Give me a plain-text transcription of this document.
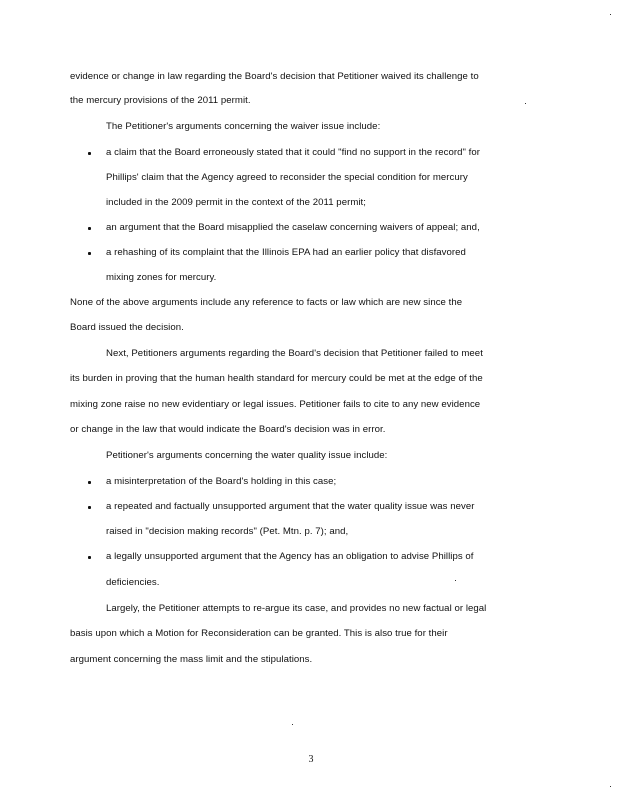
evidence or change in law regarding the Board's decision that Petitioner waived its challenge to
the mercury provisions of the 2011 permit.
The Petitioner's arguments concerning the waiver issue include:
a claim that the Board erroneously stated that it could "find no support in the record" for
Phillips' claim that the Agency agreed to reconsider the special condition for mercury
included in the 2009 permit in the context of the 2011 permit;
an argument that the Board misapplied the caselaw concerning waivers of appeal; and,
a rehashing of its complaint that the Illinois EPA had an earlier policy that disfavored
mixing zones for mercury.
None of the above arguments include any reference to facts or law which are new since the
Board issued the decision.
Next, Petitioners arguments regarding the Board's decision that Petitioner failed to meet
its burden in proving that the human health standard for mercury could be met at the edge of the
mixing zone raise no new evidentiary or legal issues. Petitioner fails to cite to any new evidence
or change in the law that would indicate the Board's decision was in error.
Petitioner's arguments concerning the water quality issue include:
a misinterpretation of the Board's holding in this case;
a repeated and factually unsupported argument that the water quality issue was never
raised in "decision making records" (Pet. Mtn. p. 7); and,
a legally unsupported argument that the Agency has an obligation to advise Phillips of
deficiencies.
Largely, the Petitioner attempts to re-argue its case, and provides no new factual or legal
basis upon which a Motion for Reconsideration can be granted. This is also true for their
argument concerning the mass limit and the stipulations.
3
